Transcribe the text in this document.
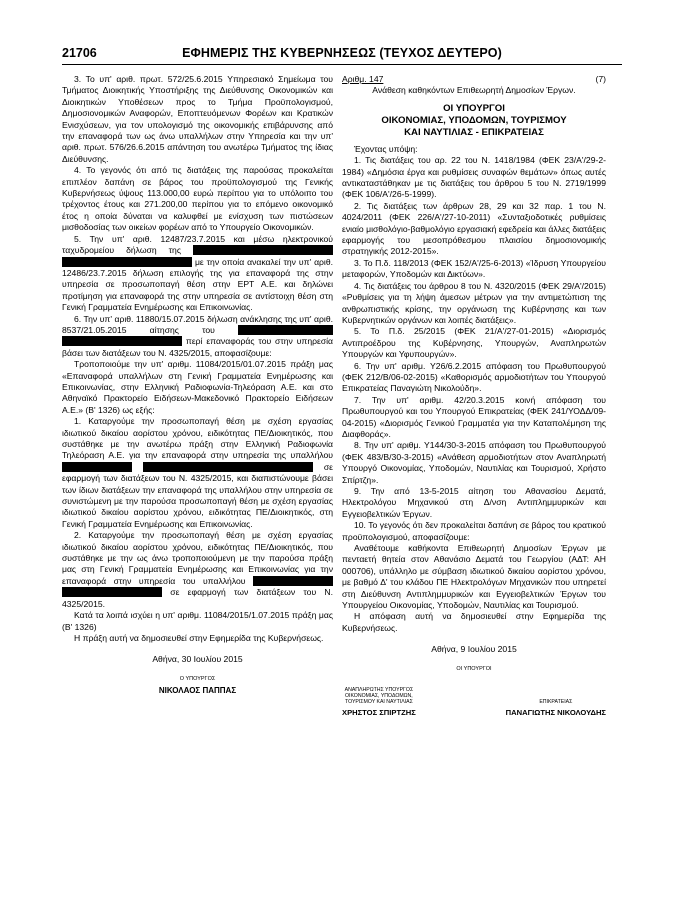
21706	ΕΦΗΜΕΡΙΣ ΤΗΣ ΚΥΒΕΡΝΗΣΕΩΣ (ΤΕΥΧΟΣ ΔΕΥΤΕΡΟ)

3. Το υπ' αριθ. πρωτ. 572/25.6.2015 Υπηρεσιακό Σημείωμα του Τμήματος Διοικητικής Υποστήριξης της Διεύθυνσης Οικονομικών και Διοικητικών Υποθέσεων προς το Τμήμα Προϋπολογισμού, Δημοσιονομικών Αναφορών, Εποπτευόμενων Φορέων και Κρατικών Ενισχύσεων, για τον υπολογισμό της οικονομικής επιβάρυνσης από την επαναφορά των ως άνω υπαλλήλων στην Υπηρεσία και την υπ' αριθ. πρωτ. 576/26.6.2015 απάντηση του ανωτέρω Τμήματος της ίδιας Διεύθυνσης.

4. Το γεγονός ότι από τις διατάξεις της παρούσας προκαλείται επιπλέον δαπάνη σε βάρος του προϋπολογισμού της Γενικής Κυβερνήσεως ύψους 113.000,00 ευρώ περίπου για το υπόλοιπο του τρέχοντος έτους και 271.200,00 περίπου για το επόμενο οικονομικό έτος η οποία δύναται να καλυφθεί με ενίσχυση των πιστώσεων μισθοδοσίας των οικείων φορέων από το Υπουργείο Οικονομικών.

5. Την υπ' αριθ. 12487/23.7.2015 και μέσω ηλεκτρονικού ταχυδρομείου δήλωση της  με την οποία ανακαλεί την υπ' αριθ. 12486/23.7.2015 δήλωση επιλογής της για επαναφορά της στην υπηρεσία σε προσωποπαγή θέση στην ΕΡΤ Α.Ε. και δηλώνει προτίμηση για επαναφορά της στην υπηρεσία σε αντίστοιχη θέση στη Γενική Γραμματεία Ενημέρωσης και Επικοινωνίας.

6. Την υπ' αριθ. 11880/15.07.2015 δήλωση ανάκλησης της υπ' αριθ. 8537/21.05.2015 αίτησης του   περί επαναφοράς του στην υπηρεσία βάσει των διατάξεων του Ν. 4325/2015, αποφασίζουμε:

Τροποποιούμε την υπ' αριθμ. 11084/2015/01.07.2015 πράξη μας «Επαναφορά υπαλλήλων στη Γενική Γραμματεία Ενημέρωσης και Επικοινωνίας, στην Ελληνική Ραδιοφωνία-Τηλεόραση Α.Ε. και στο Αθηναϊκό Πρακτορείο Ειδήσεων-Μακεδονικό Πρακτορείο Ειδήσεων Α.Ε.» (Β' 1326) ως εξής:

1. Καταργούμε την προσωποπαγή θέση με σχέση εργασίας ιδιωτικού δικαίου αορίστου χρόνου, ειδικότητας ΠΕ/Διοικητικός, που συστάθηκε με την ανωτέρω πράξη στην Ελληνική Ραδιοφωνία Τηλεόραση Α.Ε. για την επαναφορά στην υπηρεσία της υπαλλήλου   σε εφαρμογή των διατάξεων του Ν. 4325/2015, και διαπιστώνουμε βάσει των ίδιων διατάξεων την επαναφορά της υπαλλήλου στην υπηρεσία σε συνιστώμενη με την παρούσα προσωποπαγή θέση με σχέση εργασίας ιδιωτικού δικαίου αορίστου χρόνου, ειδικότητας ΠΕ/Διοικητικός, στη Γενική Γραμματεία Ενημέρωσης και Επικοινωνίας.

2. Καταργούμε την προσωποπαγή θέση με σχέση εργασίας ιδιωτικού δικαίου αορίστου χρόνου, ειδικότητας ΠΕ/Διοικητικός, που συστάθηκε με την ως άνω τροποποιούμενη με την παρούσα πράξη μας στη Γενική Γραμματεία Ενημέρωσης και Επικοινωνίας για την επαναφορά στην υπηρεσία του υπαλλήλου   σε εφαρμογή των διατάξεων του Ν. 4325/2015.

Κατά τα λοιπά ισχύει η υπ' αριθμ. 11084/2015/1.07.2015 πράξη μας (Β' 1326)

Η πράξη αυτή να δημοσιευθεί στην Εφημερίδα της Κυβερνήσεως.

Αθήνα, 30 Ιουλίου 2015
Ο ΥΠΟΥΡΓΟΣ
ΝΙΚΟΛΑΟΣ ΠΑΠΠΑΣ
Αριθμ. 147	(7)

Ανάθεση καθηκόντων Επιθεωρητή Δημοσίων Έργων.

ΟΙ ΥΠΟΥΡΓΟΙ
ΟΙΚΟΝΟΜΙΑΣ, ΥΠΟΔΟΜΩΝ, ΤΟΥΡΙΣΜΟΥ
ΚΑΙ ΝΑΥΤΙΛΙΑΣ - ΕΠΙΚΡΑΤΕΙΑΣ

Έχοντας υπόψη:

1. Τις διατάξεις του αρ. 22 του Ν. 1418/1984 (ΦΕΚ 23/Α'/29-2-1984) «Δημόσια έργα και ρυθμίσεις συναφών θεμάτων» όπως αυτές αντικαταστάθηκαν με τις διατάξεις του άρθρου 5 του Ν. 2719/1999 (ΦΕΚ 106/Α'/26-5-1999).

2. Τις διατάξεις των άρθρων 28, 29 και 32 παρ. 1 του Ν. 4024/2011 (ΦΕΚ 226/Α'/27-10-2011) «Συνταξιοδοτικές ρυθμίσεις ενιαίο μισθολόγιο-βαθμολόγιο εργασιακή εφεδρεία και άλλες διατάξεις εφαρμογής του μεσοπρόθεσμου πλαισίου δημοσιονομικής στρατηγικής 2012-2015».

3. Το Π.δ. 118/2013 (ΦΕΚ 152/Α'/25-6-2013) «Ίδρυση Υπουργείου μεταφορών, Υποδομών και Δικτύων».

4. Τις διατάξεις του άρθρου 8 του Ν. 4320/2015 (ΦΕΚ 29/Α'/2015) «Ρυθμίσεις για τη λήψη άμεσων μέτρων για την αντιμετώπιση της ανθρωπιστικής κρίσης, την οργάνωση της Κυβέρνησης και των Κυβερνητικών οργάνων και λοιπές διατάξεις».

5. Το Π.δ. 25/2015 (ΦΕΚ 21/Α'/27-01-2015) «Διορισμός Αντιπροέδρου της Κυβέρνησης, Υπουργών, Αναπληρωτών Υπουργών και Υφυπουργών».

6. Την υπ' αριθμ. Υ26/6.2.2015 απόφαση του Πρωθυπουργού (ΦΕΚ 212/Β/06-02-2015) «Καθορισμός αρμοδιοτήτων του Υπουργού Επικρατείας Παναγιώτη Νικολούδη».

7. Την υπ' αριθμ. 42/20.3.2015 κοινή απόφαση του Πρωθυπουργού και του Υπουργού Επικρατείας (ΦΕΚ 241/ΥΟΔΔ/09-04-2015) «Διορισμός Γενικού Γραμματέα για την Καταπολέμηση της Διαφθοράς».

8. Την υπ' αριθμ. Υ144/30-3-2015 απόφαση του Πρωθυπουργού (ΦΕΚ 483/Β/30-3-2015) «Ανάθεση αρμοδιοτήτων στον Αναπληρωτή Υπουργό Οικονομίας, Υποδομών, Ναυτιλίας και Τουρισμού, Χρήστο Σπίρτζη».

9. Την από 13-5-2015 αίτηση του Αθανασίου Δεματά, Ηλεκτρολόγου Μηχανικού στη Δ/νση Αντιπλημμυρικών και Εγγειοβελτικών Έργων.

10. Το γεγονός ότι δεν προκαλείται δαπάνη σε βάρος του κρατικού προϋπολογισμού, αποφασίζουμε:

Αναθέτουμε καθήκοντα Επιθεωρητή Δημοσίων Έργων με πενταετή θητεία στον Αθανάσιο Δεματά του Γεωργίου (ΑΔΤ: ΑΗ 000706), υπάλληλο με σύμβαση ιδιωτικού δικαίου αορίστου χρόνου, με βαθμό Δ' του κλάδου ΠΕ Ηλεκτρολόγων Μηχανικών που υπηρετεί στη Διεύθυνση Αντιπλημμυρικών και Εγγειοβελτικών Έργων του Υπουργείου Οικονομίας, Υποδομών, Ναυτιλίας και Τουρισμού.

Η απόφαση αυτή να δημοσιευθεί στην Εφημερίδα της Κυβερνήσεως.

Αθήνα, 9 Ιουλίου 2015
ΟΙ ΥΠΟΥΡΓΟΙ
ΑΝΑΠΛΗΡΩΤΗΣ ΥΠΟΥΡΓΟΣ
ΟΙΚΟΝΟΜΙΑΣ, ΥΠΟΔΟΜΩΝ,
ΤΟΥΡΙΣΜΟΥ ΚΑΙ ΝΑΥΤΙΛΙΑΣ
ΧΡΗΣΤΟΣ ΣΠΙΡΤΖΗΣ
ΕΠΙΚΡΑΤΕΙΑΣ
ΠΑΝΑΓΙΩΤΗΣ ΝΙΚΟΛΟΥΔΗΣ
